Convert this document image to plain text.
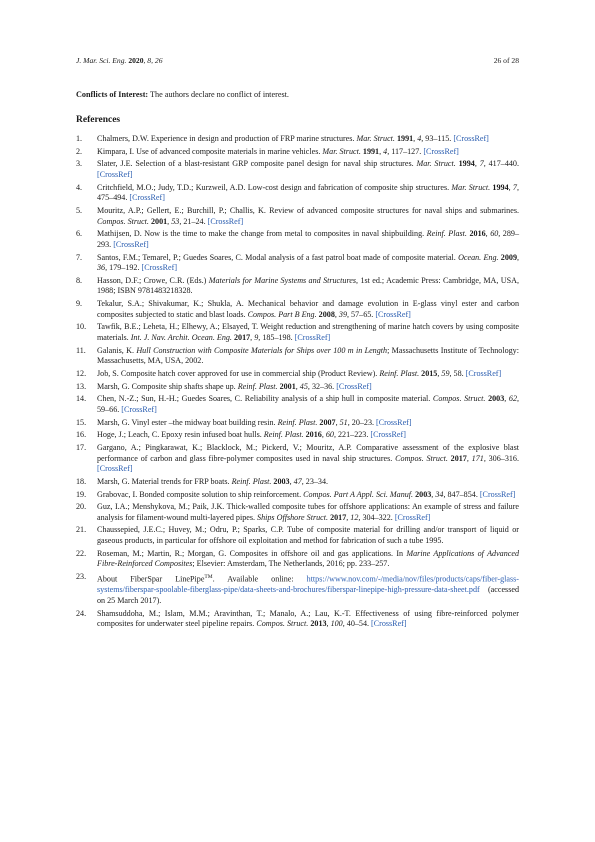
J. Mar. Sci. Eng. 2020, 8, 26	26 of 28
Conflicts of Interest: The authors declare no conflict of interest.
References
1. Chalmers, D.W. Experience in design and production of FRP marine structures. Mar. Struct. 1991, 4, 93–115. [CrossRef]
2. Kimpara, I. Use of advanced composite materials in marine vehicles. Mar. Struct. 1991, 4, 117–127. [CrossRef]
3. Slater, J.E. Selection of a blast-resistant GRP composite panel design for naval ship structures. Mar. Struct. 1994, 7, 417–440. [CrossRef]
4. Critchfield, M.O.; Judy, T.D.; Kurzweil, A.D. Low-cost design and fabrication of composite ship structures. Mar. Struct. 1994, 7, 475–494. [CrossRef]
5. Mouritz, A.P.; Gellert, E.; Burchill, P.; Challis, K. Review of advanced composite structures for naval ships and submarines. Compos. Struct. 2001, 53, 21–24. [CrossRef]
6. Mathijsen, D. Now is the time to make the change from metal to composites in naval shipbuilding. Reinf. Plast. 2016, 60, 289–293. [CrossRef]
7. Santos, F.M.; Temarel, P.; Guedes Soares, C. Modal analysis of a fast patrol boat made of composite material. Ocean. Eng. 2009, 36, 179–192. [CrossRef]
8. Hasson, D.F.; Crowe, C.R. (Eds.) Materials for Marine Systems and Structures, 1st ed.; Academic Press: Cambridge, MA, USA, 1988; ISBN 9781483218328.
9. Tekalur, S.A.; Shivakumar, K.; Shukla, A. Mechanical behavior and damage evolution in E-glass vinyl ester and carbon composites subjected to static and blast loads. Compos. Part B Eng. 2008, 39, 57–65. [CrossRef]
10. Tawfik, B.E.; Leheta, H.; Elhewy, A.; Elsayed, T. Weight reduction and strengthening of marine hatch covers by using composite materials. Int. J. Nav. Archit. Ocean. Eng. 2017, 9, 185–198. [CrossRef]
11. Galanis, K. Hull Construction with Composite Materials for Ships over 100 m in Length; Massachusetts Institute of Technology: Massachusetts, MA, USA, 2002.
12. Job, S. Composite hatch cover approved for use in commercial ship (Product Review). Reinf. Plast. 2015, 59, 58. [CrossRef]
13. Marsh, G. Composite ship shafts shape up. Reinf. Plast. 2001, 45, 32–36. [CrossRef]
14. Chen, N.-Z.; Sun, H.-H.; Guedes Soares, C. Reliability analysis of a ship hull in composite material. Compos. Struct. 2003, 62, 59–66. [CrossRef]
15. Marsh, G. Vinyl ester –the midway boat building resin. Reinf. Plast. 2007, 51, 20–23. [CrossRef]
16. Hoge, J.; Leach, C. Epoxy resin infused boat hulls. Reinf. Plast. 2016, 60, 221–223. [CrossRef]
17. Gargano, A.; Pingkarawat, K.; Blacklock, M.; Pickerd, V.; Mouritz, A.P. Comparative assessment of the explosive blast performance of carbon and glass fibre-polymer composites used in naval ship structures. Compos. Struct. 2017, 171, 306–316. [CrossRef]
18. Marsh, G. Material trends for FRP boats. Reinf. Plast. 2003, 47, 23–34.
19. Grabovac, I. Bonded composite solution to ship reinforcement. Compos. Part A Appl. Sci. Manuf. 2003, 34, 847–854. [CrossRef]
20. Guz, I.A.; Menshykova, M.; Paik, J.K. Thick-walled composite tubes for offshore applications: An example of stress and failure analysis for filament-wound multi-layered pipes. Ships Offshore Struct. 2017, 12, 304–322. [CrossRef]
21. Chaussepied, J.E.C.; Huvey, M.; Odru, P.; Sparks, C.P. Tube of composite material for drilling and/or transport of liquid or gaseous products, in particular for offshore oil exploitation and method for fabrication of such a tube 1995.
22. Roseman, M.; Martin, R.; Morgan, G. Composites in offshore oil and gas applications. In Marine Applications of Advanced Fibre-Reinforced Composites; Elsevier: Amsterdam, The Netherlands, 2016; pp. 233–257.
23. About FiberSpar LinePipe™. Available online: https://www.nov.com/-/media/nov/files/products/caps/fiber-glass-systems/fiberspar-spoolable-fiberglass-pipe/data-sheets-and-brochures/fiberspar-linepipe-high-pressure-data-sheet.pdf (accessed on 25 March 2017).
24. Shamsuddoha, M.; Islam, M.M.; Aravinthan, T.; Manalo, A.; Lau, K.-T. Effectiveness of using fibre-reinforced polymer composites for underwater steel pipeline repairs. Compos. Struct. 2013, 100, 40–54. [CrossRef]
